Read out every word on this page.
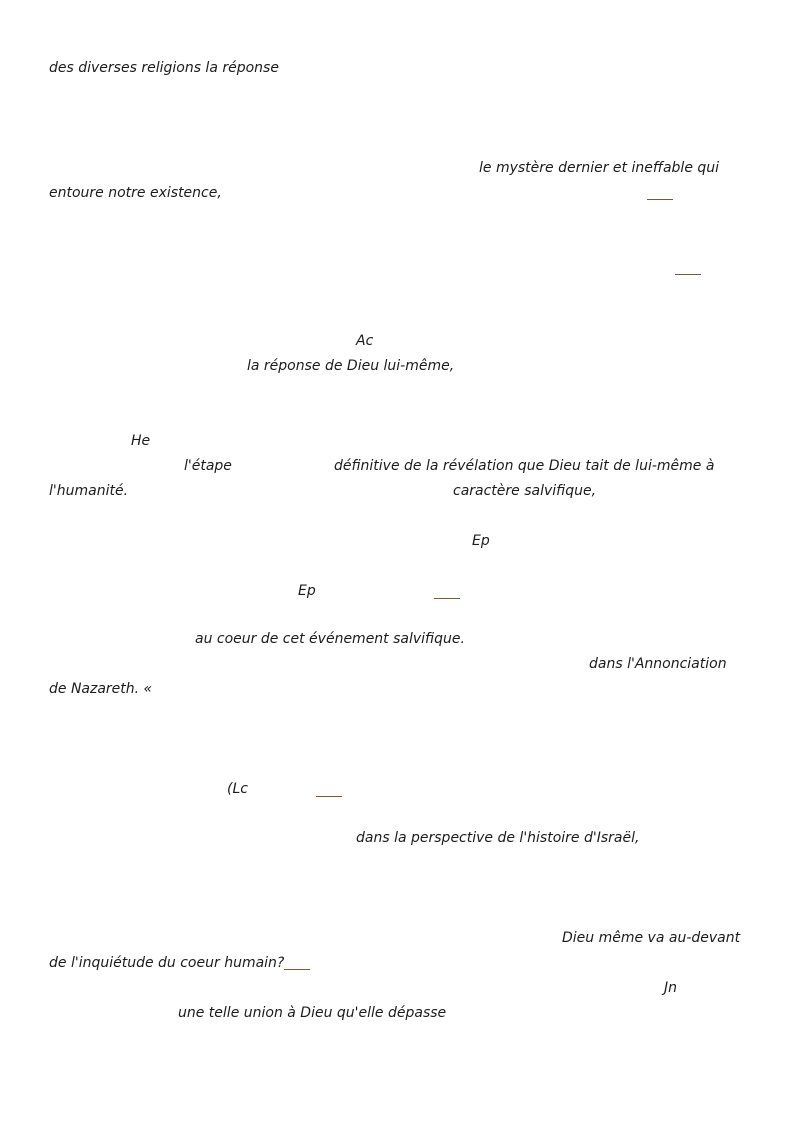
des diverses religions la réponse
le mystère dernier et ineffable qui
entoure notre existence,
Ac
la réponse de Dieu lui-même,
He
l'étape	définitive de la révélation que Dieu tait de lui-même à
l'humanité.	caractère salvifique,
Ep
Ep
au coeur de cet événement salvifique.
dans l'Annonciation
de Nazareth. «
(Lc
dans la perspective de l'histoire d'Israël,
Dieu même va au-devant
de l'inquiétude du coeur humain?
Jn
une telle union à Dieu qu'elle dépasse
